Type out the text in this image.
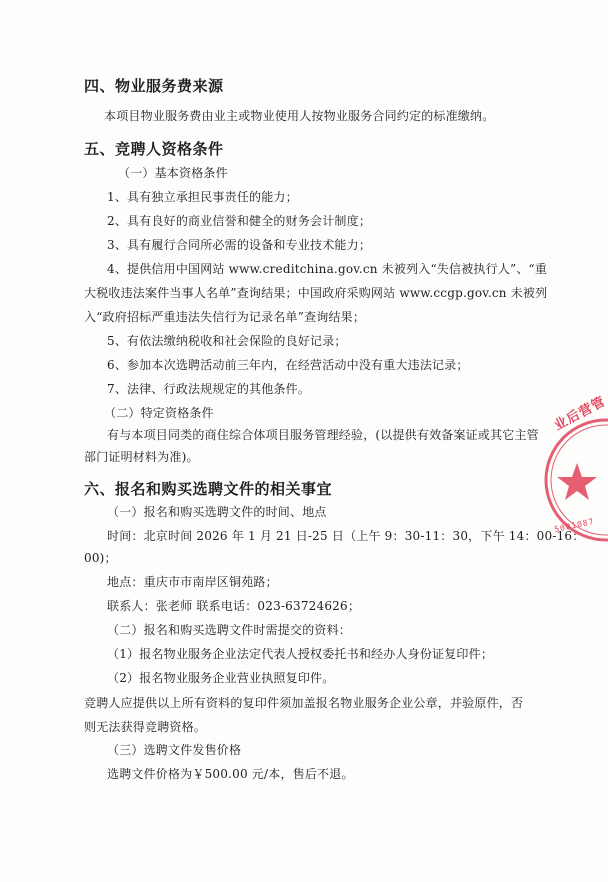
四、物业服务费来源
本项目物业服务费由业主或物业使用人按物业服务合同约定的标准缴纳。
五、竞聘人资格条件
（一）基本资格条件
1、具有独立承担民事责任的能力；
2、具有良好的商业信誉和健全的财务会计制度；
3、具有履行合同所必需的设备和专业技术能力；
4、提供信用中国网站 www.creditchina.gov.cn 未被列入“失信被执行人”、“重
大税收违法案件当事人名单”查询结果；中国政府采购网站 www.ccgp.gov.cn 未被列
入“政府招标严重违法失信行为记录名单”查询结果；
5、有依法缴纳税收和社会保险的良好记录；
6、参加本次选聘活动前三年内，在经营活动中没有重大违法记录；
7、法律、行政法规规定的其他条件。
（二）特定资格条件
有与本项目同类的商住综合体项目服务管理经验，(以提供有效备案证或其它主管
部门证明材料为准)。
六、报名和购买选聘文件的相关事宜
（一）报名和购买选聘文件的时间、地点
时间：北京时间 2026 年 1 月 21 日-25 日（上午 9：30-11：30，下午 14：00-16：
00)；
地点：重庆市市南岸区铜苑路；
联系人：张老师 联系电话：023-63724626；
（二）报名和购买选聘文件时需提交的资料：
（1）报名物业服务企业法定代表人授权委托书和经办人身份证复印件；
（2）报名物业服务企业营业执照复印件。
竞聘人应提供以上所有资料的复印件须加盖报名物业服务企业公章，并验原件，否
则无法获得竞聘资格。
（三）选聘文件发售价格
选聘文件价格为￥500.00 元/本，售后不退。
业后营管
5001087
